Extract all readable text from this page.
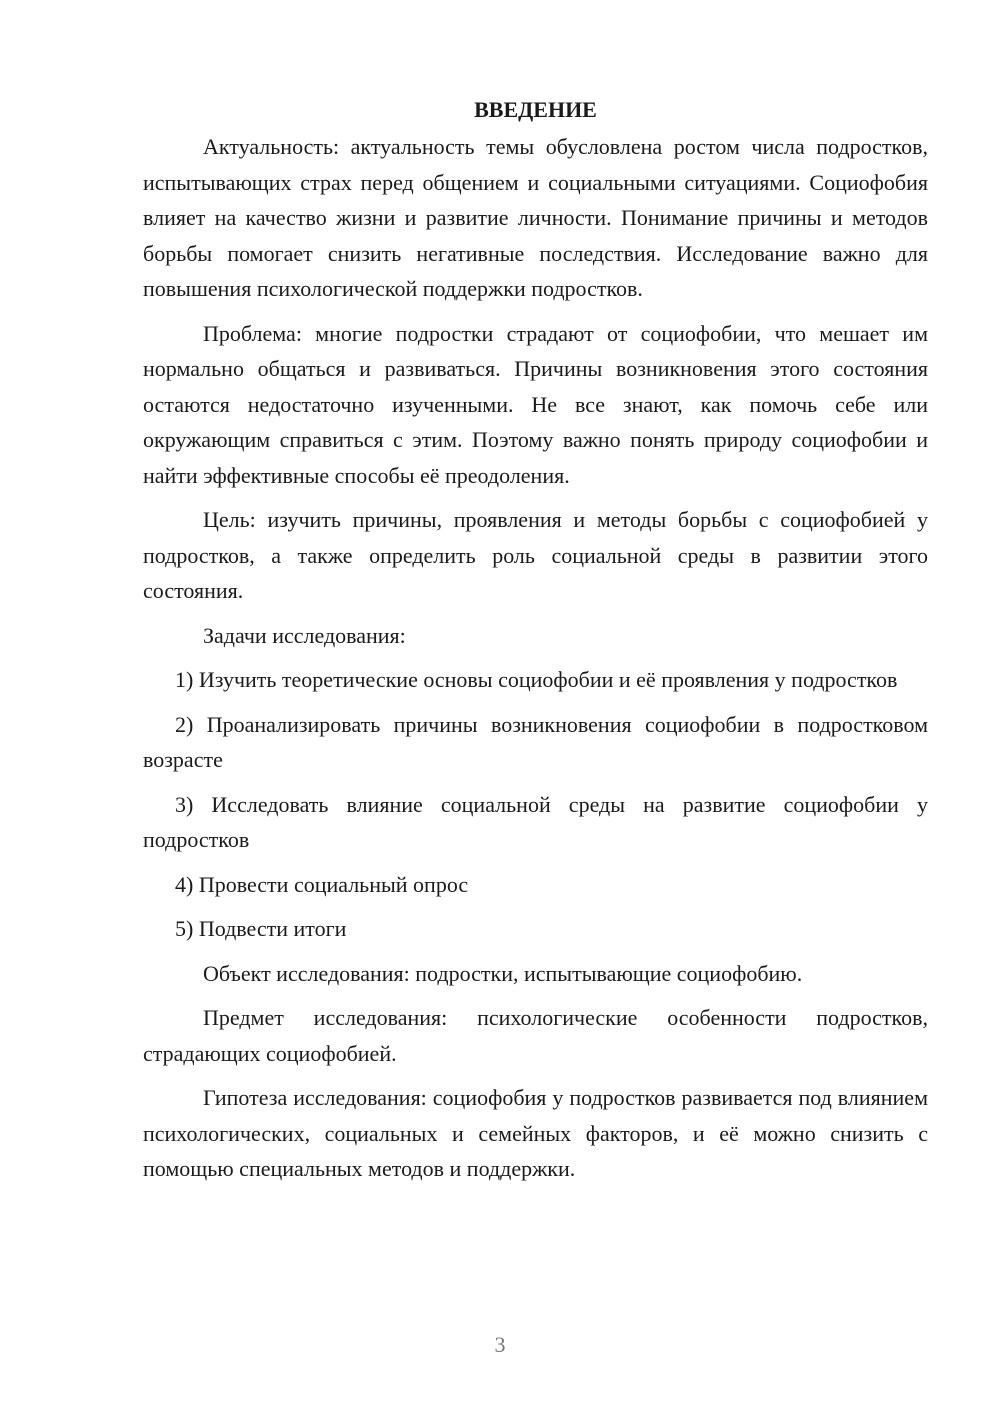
ВВЕДЕНИЕ

Актуальность: актуальность темы обусловлена ростом числа подростков, испытывающих страх перед общением и социальными ситуациями. Социофобия влияет на качество жизни и развитие личности. Понимание причины и методов борьбы помогает снизить негативные последствия. Исследование важно для повышения психологической поддержки подростков.

Проблема: многие подростки страдают от социофобии, что мешает им нормально общаться и развиваться. Причины возникновения этого состояния остаются недостаточно изученными. Не все знают, как помочь себе или окружающим справиться с этим. Поэтому важно понять природу социофобии и найти эффективные способы её преодоления.

Цель: изучить причины, проявления и методы борьбы с социофобией у подростков, а также определить роль социальной среды в развитии этого состояния.

Задачи исследования:

1) Изучить теоретические основы социофобии и её проявления у подростков

2) Проанализировать причины возникновения социофобии в подростковом возрасте

3) Исследовать влияние социальной среды на развитие социофобии у подростков

4) Провести социальный опрос

5) Подвести итоги

Объект исследования: подростки, испытывающие социофобию.

Предмет исследования: психологические особенности подростков, страдающих социофобией.

Гипотеза исследования: социофобия у подростков развивается под влиянием психологических, социальных и семейных факторов, и её можно снизить с помощью специальных методов и поддержки.

3
